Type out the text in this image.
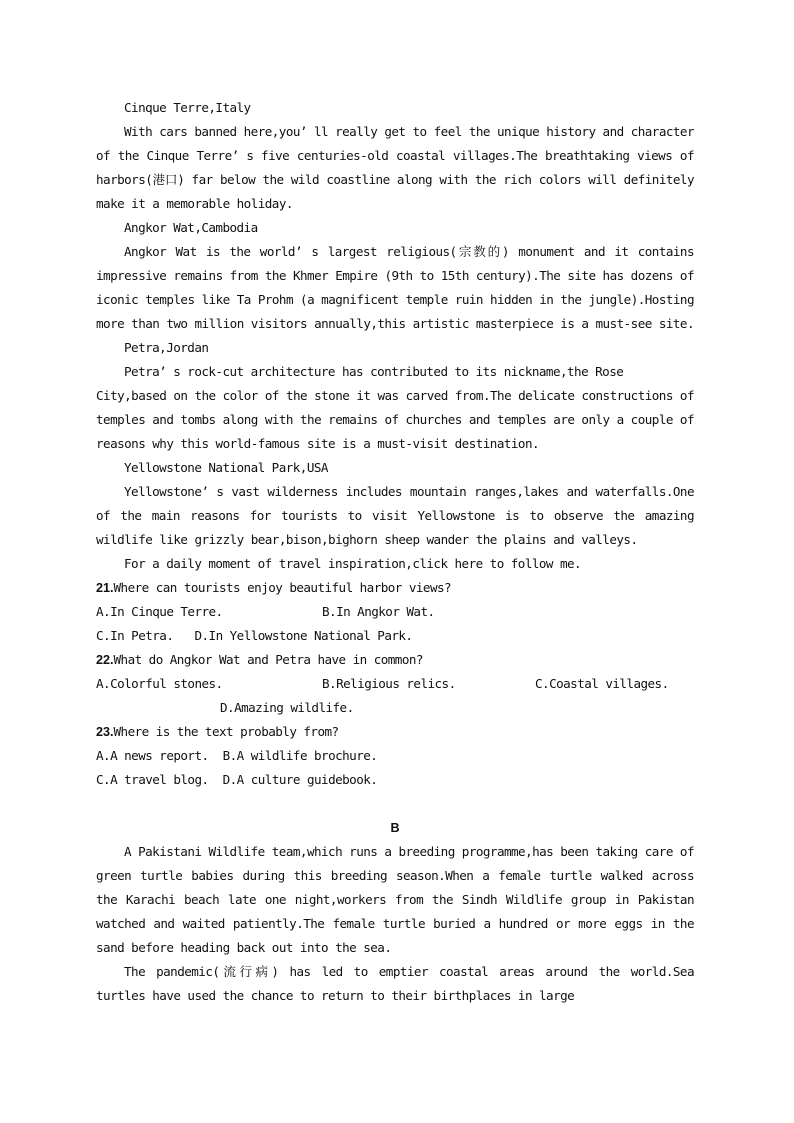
Cinque Terre,Italy
With cars banned here,you’ ll really get to feel the unique history and character
of the Cinque Terre’ s five centuries-old coastal villages.The breathtaking views of
harbors(港口) far below the wild coastline along with the rich colors will definitely
make it a memorable holiday.
Angkor Wat,Cambodia
Angkor Wat is the world’ s largest religious(宗教的) monument and it contains
impressive remains from the Khmer Empire (9th to 15th century).The site has dozens of
iconic temples like Ta Prohm (a magnificent temple ruin hidden in the jungle).Hosting
more than two million visitors annually,this artistic masterpiece is a must-see site.
Petra,Jordan
Petra’ s rock-cut architecture has contributed to its nickname,the Rose
City,based on the color of the stone it was carved from.The delicate constructions of
temples and tombs along with the remains of churches and temples are only a couple of
reasons why this world-famous site is a must-visit destination.
Yellowstone National Park,USA
Yellowstone’ s vast wilderness includes mountain ranges,lakes and waterfalls.One
of the main reasons for tourists to visit Yellowstone is to observe the amazing
wildlife like grizzly bear,bison,bighorn sheep wander the plains and valleys.
For a daily moment of travel inspiration,click here to follow me.
21.Where can tourists enjoy beautiful harbor views?
A.In Cinque Terre.	B.In Angkor Wat.
C.In Petra. D.In Yellowstone National Park.
22.What do Angkor Wat and Petra have in common?
A.Colorful stones.	B.Religious relics.	C.Coastal villages.
D.Amazing wildlife.
23.Where is the text probably from?
A.A news report. B.A wildlife brochure.
C.A travel blog. D.A culture guidebook.
B
A Pakistani Wildlife team,which runs a breeding programme,has been taking care of
green turtle babies during this breeding season.When a female turtle walked across
the Karachi beach late one night,workers from the Sindh Wildlife group in Pakistan
watched and waited patiently.The female turtle buried a hundred or more eggs in the
sand before heading back out into the sea.
The pandemic(流行病) has led to emptier coastal areas around the world.Sea
turtles have used the chance to return to their birthplaces in large
